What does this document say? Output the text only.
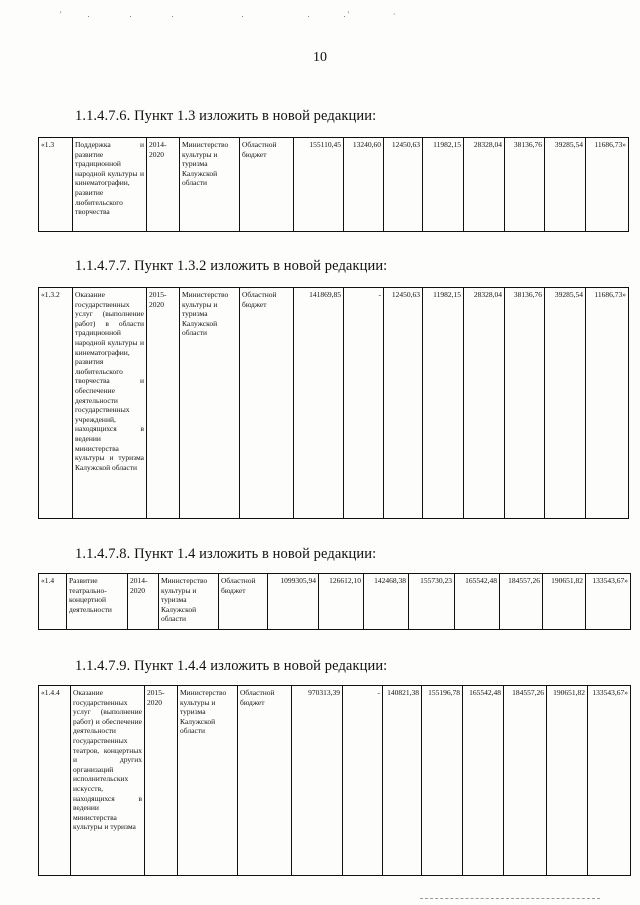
'             .                    .                    .                                  .                                .                 . '                      ·
10
1.1.4.7.6. Пункт 1.3 изложить в новой редакции:
«1.3	Поддержка и развитие традиционной народной культуры и кинематографии, развитие любительского творчества	2014-2020	Министерство культуры и туризма Калужской области	Областной бюджет	155110,45	13240,60	12450,63	11982,15	28328,04	38136,76	39285,54	11686,73»
1.1.4.7.7. Пункт 1.3.2 изложить в новой редакции:
«1.3.2	Оказание государственных услуг (выполнение работ) в области традиционной народной культуры и кинематографии, развития любительского творчества и обеспечение деятельности государственных учреждений, находящихся в ведении министерства культуры и туризма Калужской области	2015-2020	Министерство культуры и туризма Калужской области	Областной бюджет	141869,85	-	12450,63	11982,15	28328,04	38136,76	39285,54	11686,73»
1.1.4.7.8. Пункт 1.4 изложить в новой редакции:
«1.4	Развитие театрально-концертной деятельности	2014-2020	Министерство культуры и туризма Калужской области	Областной бюджет	1099305,94	126612,10	142468,38	155730,23	165542,48	184557,26	190651,82	133543,67»
1.1.4.7.9. Пункт 1.4.4 изложить в новой редакции:
«1.4.4	Оказание государственных услуг (выполнение работ) и обеспечение деятельности государственных театров, концертных и других организаций исполнительских искусств, находящихся в ведении министерства культуры и туризма	2015-2020	Министерство культуры и туризма Калужской области	Областной бюджет	970313,39	-	140821,38	155196,78	165542,48	184557,26	190651,82	133543,67»
